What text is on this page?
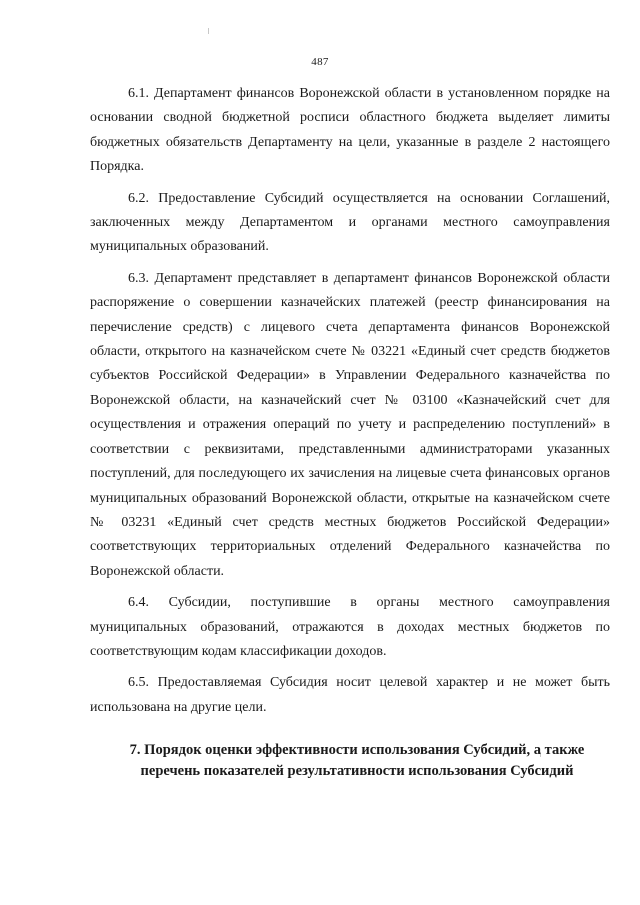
487

6.1. Департамент финансов Воронежской области в установленном порядке на основании сводной бюджетной росписи областного бюджета выделяет лимиты бюджетных обязательств Департаменту на цели, указанные в разделе 2 настоящего Порядка.

6.2. Предоставление Субсидий осуществляется на основании Соглашений, заключенных между Департаментом и органами местного самоуправления муниципальных образований.

6.3. Департамент представляет в департамент финансов Воронежской области распоряжение о совершении казначейских платежей (реестр финансирования на перечисление средств) с лицевого счета департамента финансов Воронежской области, открытого на казначейском счете № 03221 «Единый счет средств бюджетов субъектов Российской Федерации» в Управлении Федерального казначейства по Воронежской области, на казначейский счет № 03100 «Казначейский счет для осуществления и отражения операций по учету и распределению поступлений» в соответствии с реквизитами, представленными администраторами указанных поступлений, для последующего их зачисления на лицевые счета финансовых органов муниципальных образований Воронежской области, открытые на казначейском счете № 03231 «Единый счет средств местных бюджетов Российской Федерации» соответствующих территориальных отделений Федерального казначейства по Воронежской области.

6.4. Субсидии, поступившие в органы местного самоуправления муниципальных образований, отражаются в доходах местных бюджетов по соответствующим кодам классификации доходов.

6.5. Предоставляемая Субсидия носит целевой характер и не может быть использована на другие цели.

7. Порядок оценки эффективности использования Субсидий, а также
перечень показателей результативности использования Субсидий
